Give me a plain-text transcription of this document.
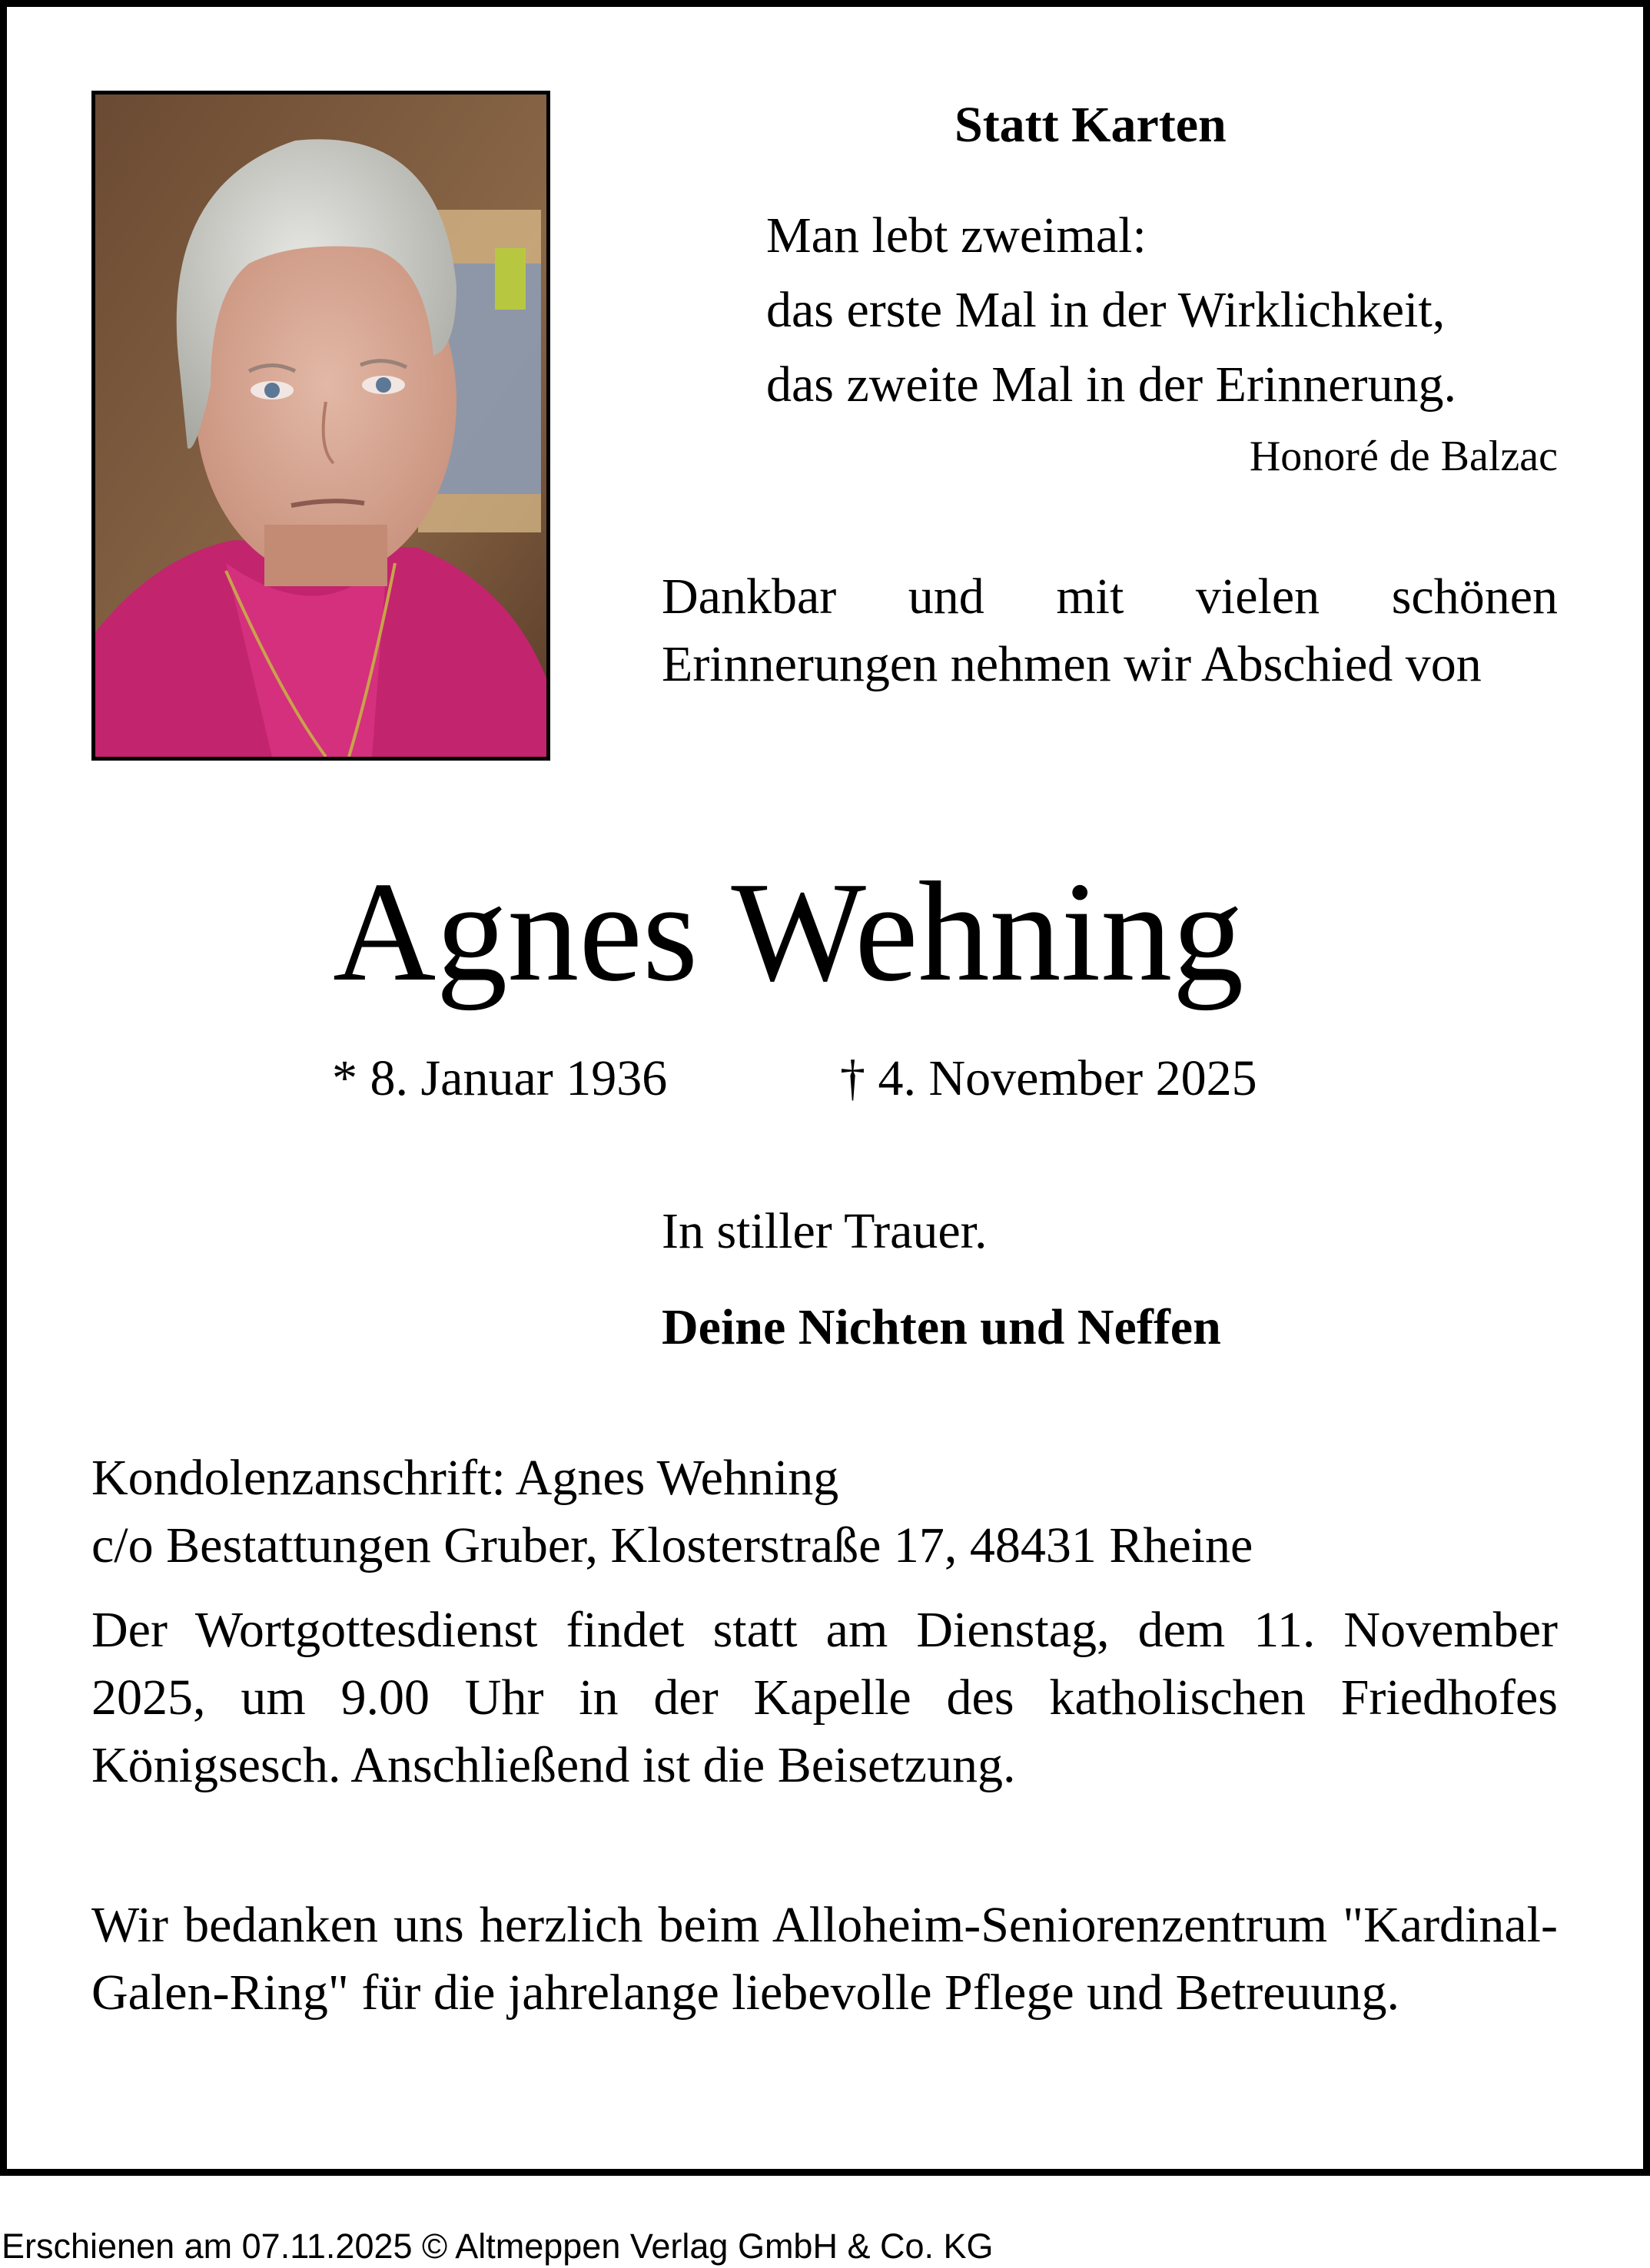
Statt Karten
Man lebt zweimal:
das erste Mal in der Wirklichkeit,
das zweite Mal in der Erinnerung.
Honoré de Balzac
Dankbar und mit vielen schönen Erinnerungen nehmen wir Abschied von
Agnes Wehning
* 8. Januar 1936	† 4. November 2025
In stiller Trauer.
Deine Nichten und Neffen
Kondolenzanschrift: Agnes Wehning
c/o Bestattungen Gruber, Klosterstraße 17, 48431 Rheine
Der Wortgottesdienst findet statt am Dienstag, dem 11. November 2025, um 9.00 Uhr in der Kapelle des katholischen Friedhofes Königsesch. Anschließend ist die Beisetzung.
Wir bedanken uns herzlich beim Alloheim-Seniorenzentrum "Kardinal-Galen-Ring" für die jahrelange liebevolle Pflege und Betreuung.
Erschienen am 07.11.2025 © Altmeppen Verlag GmbH & Co. KG
